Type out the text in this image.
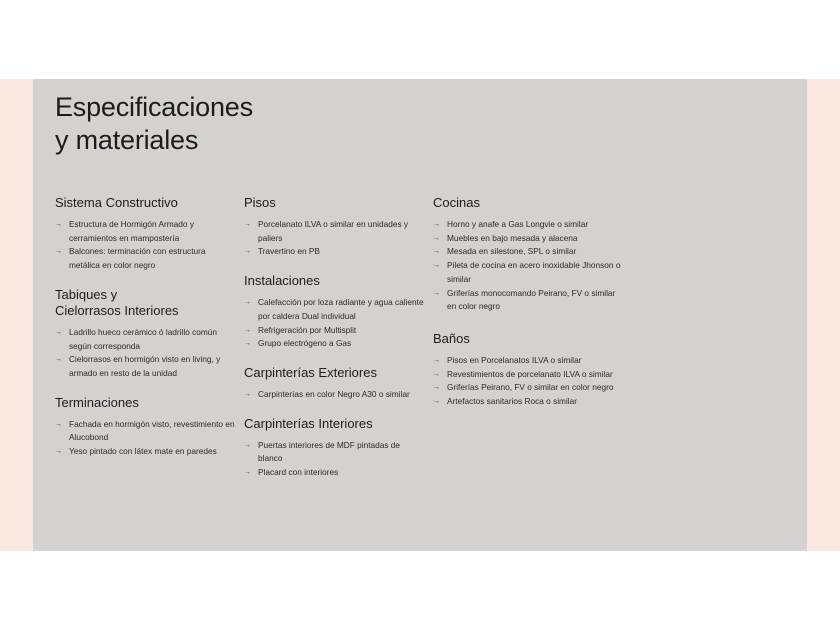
Especificaciones
y materiales
Sistema Constructivo
→ Estructura de Hormigón Armado y cerramientos en mampostería
→ Balcones: terminación con estructura metálica en color negro
Tabiques y
Cielorrasos Interiores
→ Ladrillo hueco cerámico ó ladrillo común según corresponda
→ Cielorrasos en hormigón visto en living, y armado en resto de la unidad
Terminaciones
→ Fachada en hormigón visto, revestimiento en Alucobond
→ Yeso pintado con látex mate en paredes
Pisos
→ Porcelanato ILVA o similar en unidades y paliers
→ Travertino en PB
Instalaciones
→ Calefacción por loza radiante y agua caliente por caldera Dual individual
→ Refrigeración por Multisplit
→ Grupo electrógeno a Gas
Carpinterías Exteriores
→ Carpinterías en color Negro A30 o similar
Carpinterías Interiores
→ Puertas interiores de MDF pintadas de blanco
→ Placard con interiores
Cocinas
→ Horno y anafe a Gas Longvie o similar
→ Muebles en bajo mesada y alacena
→ Mesada en silestone, SPL o similar
→ Pileta de cocina en acero inoxidable Jhonson o similar
→ Griferías monocomando Peirano, FV o similar en color negro
Baños
→ Pisos en Porcelanatos ILVA o similar
→ Revestimientos de porcelanato ILVA o similar
→ Griferías Peirano, FV o similar en color negro
→ Artefactos sanitarios Roca o similar
